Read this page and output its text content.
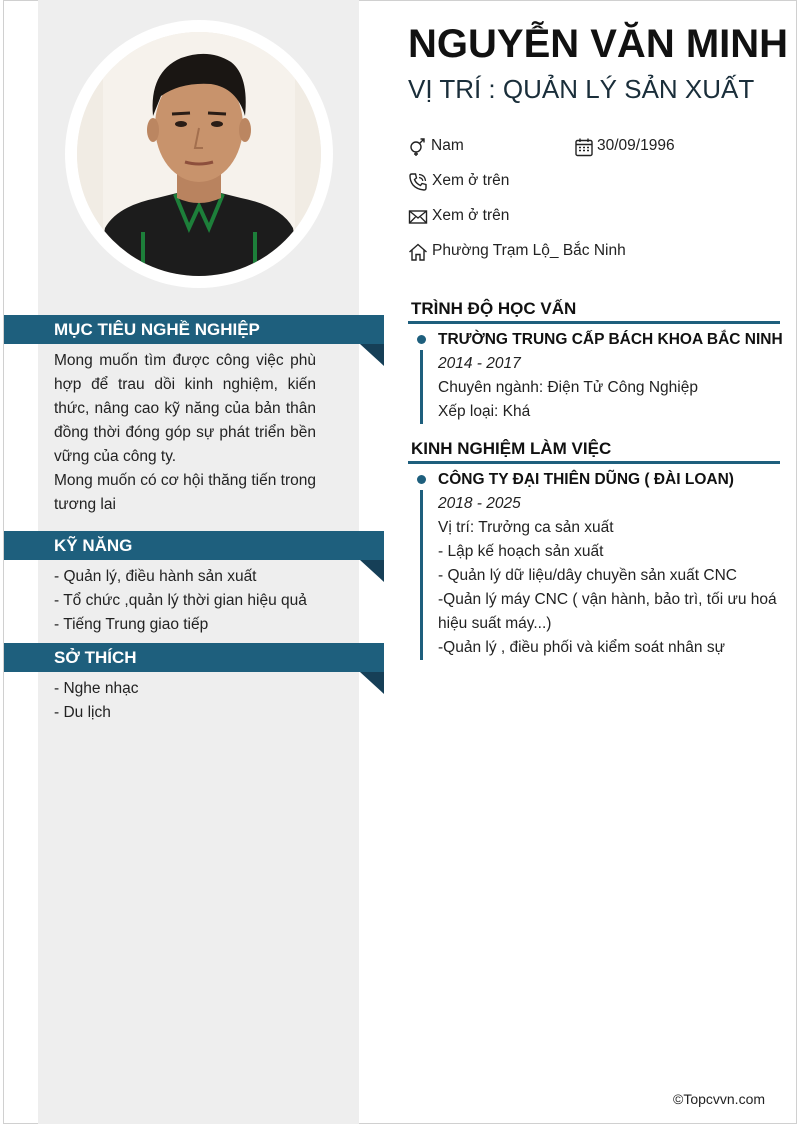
MỤC TIÊU NGHỀ NGHIỆP
Mong muốn tìm được công việc phù hợp để trau dồi kinh nghiệm, kiến thức, nâng cao kỹ năng của bản thân đồng thời đóng góp sự phát triển bền vững của công ty.
Mong muốn có cơ hội thăng tiến trong tương lai
KỸ NĂNG
- Quản lý, điều hành sản xuất
- Tổ chức ,quản lý thời gian hiệu quả
- Tiếng Trung giao tiếp
SỞ THÍCH
- Nghe nhạc
- Du lịch
NGUYỄN VĂN MINH
VỊ TRÍ : QUẢN LÝ SẢN XUẤT
Nam	30/09/1996
Xem ở trên
Xem ở trên
Phường Trạm Lộ_ Bắc Ninh
TRÌNH ĐỘ HỌC VẤN
TRƯỜNG TRUNG CẤP BÁCH KHOA BẮC NINH
2014 - 2017
Chuyên ngành: Điện Tử Công Nghiệp
Xếp loại: Khá
KINH NGHIỆM LÀM VIỆC
CÔNG TY ĐẠI THIÊN DŨNG ( ĐÀI LOAN)
2018 - 2025
Vị trí: Trưởng ca sản xuất
- Lập kế hoạch sản xuất
- Quản lý dữ liệu/dây chuyền sản xuất CNC
-Quản lý máy CNC ( vận hành, bảo trì, tối ưu hoá
hiệu suất máy...)
-Quản lý , điều phối và kiểm soát nhân sự
©Topcvvn.com
